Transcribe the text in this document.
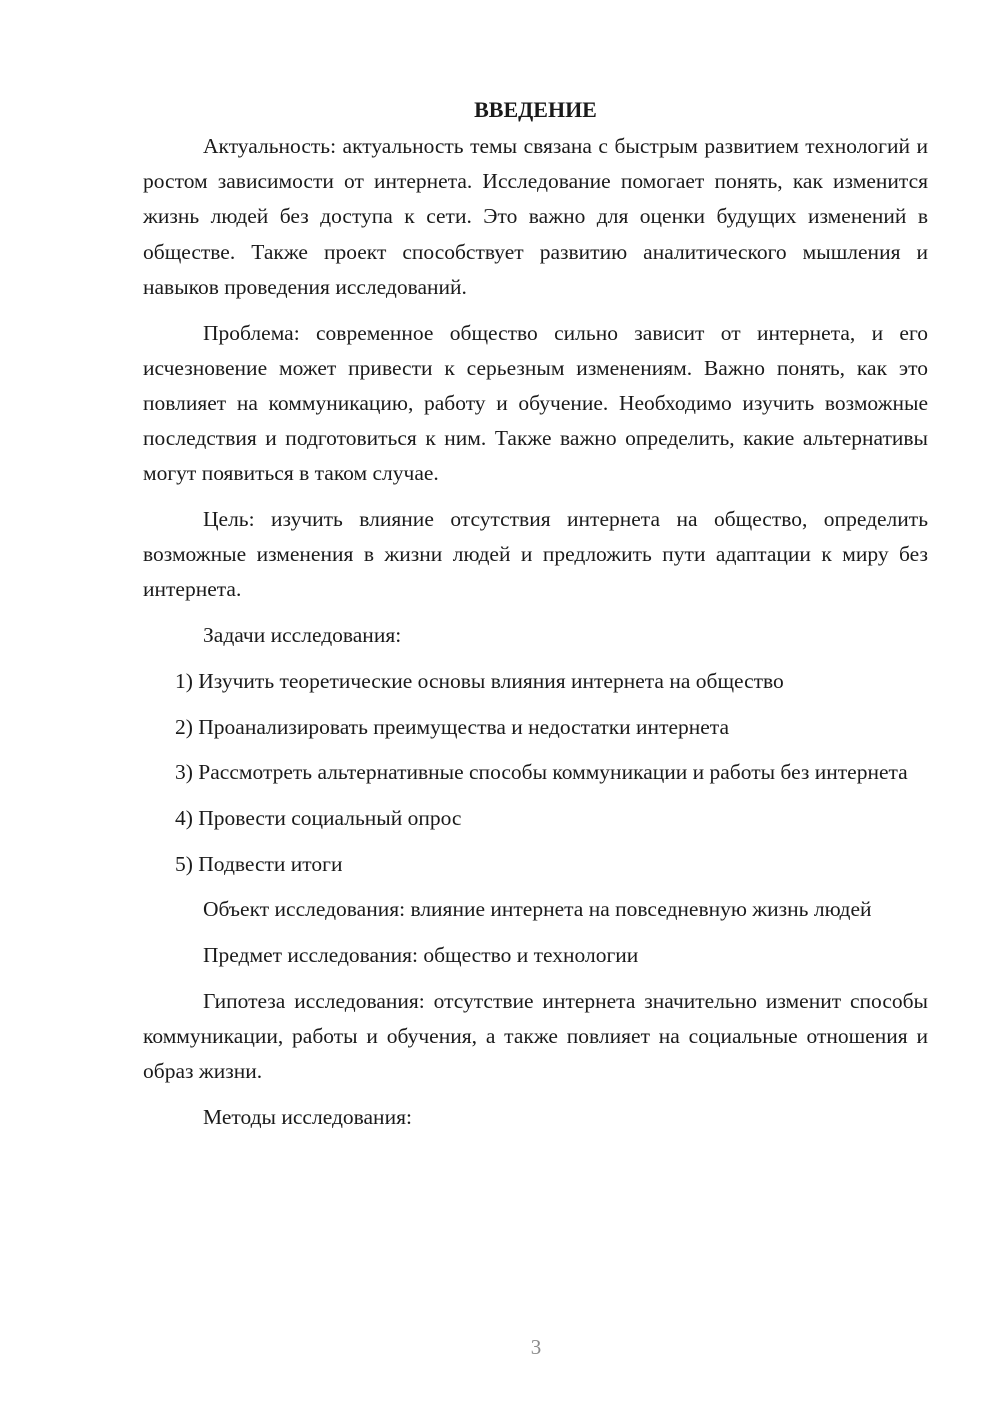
ВВЕДЕНИЕ

Актуальность: актуальность темы связана с быстрым развитием технологий и ростом зависимости от интернета. Исследование помогает понять, как изменится жизнь людей без доступа к сети. Это важно для оценки будущих изменений в обществе. Также проект способствует развитию аналитического мышления и навыков проведения исследований.

Проблема: современное общество сильно зависит от интернета, и его исчезновение может привести к серьезным изменениям. Важно понять, как это повлияет на коммуникацию, работу и обучение. Необходимо изучить возможные последствия и подготовиться к ним. Также важно определить, какие альтернативы могут появиться в таком случае.

Цель: изучить влияние отсутствия интернета на общество, определить возможные изменения в жизни людей и предложить пути адаптации к миру без интернета.

Задачи исследования:

1) Изучить теоретические основы влияния интернета на общество

2) Проанализировать преимущества и недостатки интернета

3) Рассмотреть альтернативные способы коммуникации и работы без интернета

4) Провести социальный опрос

5) Подвести итоги

Объект исследования: влияние интернета на повседневную жизнь людей

Предмет исследования: общество и технологии

Гипотеза исследования: отсутствие интернета значительно изменит способы коммуникации, работы и обучения, а также повлияет на социальные отношения и образ жизни.

Методы исследования:

3
